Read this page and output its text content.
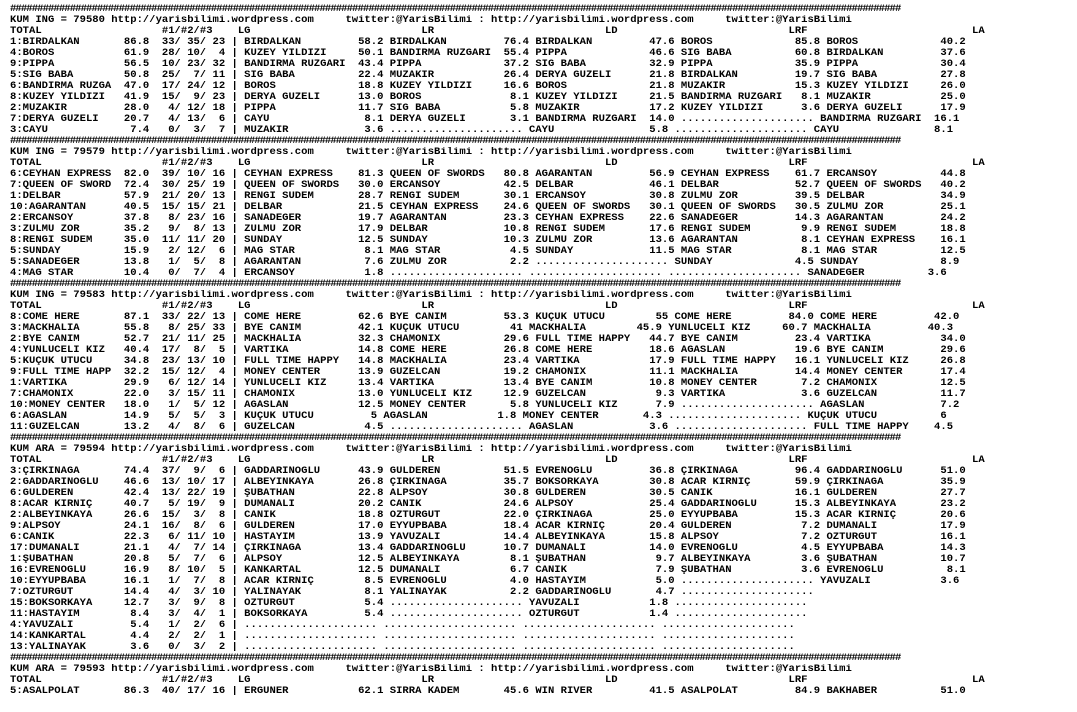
####################################################################################################################################################################
KUM ING = 79580 http://yarisbilimi.wordpress.com     twitter:@YarisBilimi : http://yarisbilimi.wordpress.com     twitter:@YarisBilimi
TOTAL                   #1/#2/#3    LG                           LR                           LD                           LRF                          LA
1:BIRDALKAN       86.8  33/ 35/ 23 | BIRDALKAN         58.2 BIRDALKAN         76.4 BIRDALKAN         47.6 BOROS             85.8 BOROS             40.2
4:BOROS           61.9  28/ 10/  4 | KUZEY YILDIZI     50.1 BANDIRMA RÜZGARI  55.4 PIPPA             46.6 SIĞ BABA          60.8 BIRDALKAN         37.6
9:PIPPA           56.5  10/ 23/ 32 | BANDIRMA RÜZGARI  43.4 PIPPA             37.2 SIĞ BABA          32.9 PIPPA             35.9 PIPPA             30.4
5:SIĞ BABA        50.8  25/  7/ 11 | SIĞ BABA          22.4 MÜZAKIR           26.4 DERYA GÜZELİ      21.8 BIRDALKAN         19.7 SIĞ BABA          27.8
6:BANDIRMA RÜZGA  47.0  17/ 24/ 12 | BOROS             18.8 KUZEY YILDIZI     16.6 BOROS             21.8 MÜZAKIR           15.3 KUZEY YILDIZI     26.0
8:KUZEY YILDIZI   41.9  15/  9/ 23 | DERYA GÜZELİ      13.0 BOROS              8.1 KUZEY YILDIZI     21.5 BANDIRMA RÜZGARI   8.1 MÜZAKIR           25.0
2:MÜZAKIR         28.0   4/ 12/ 18 | PIPPA             11.7 SIĞ BABA           5.8 MÜZAKIR           17.2 KUZEY YILDIZI      3.6 DERYA GÜZELİ      17.9
7:DERYA GÜZELİ    20.7   4/ 13/  6 | CAYU               8.1 DERYA GÜZELİ       3.1 BANDIRMA RÜZGARI  14.0 ..................... BANDIRMA RÜZGARI  16.1
3:CAYU             7.4   0/  3/  7 | MÜZAKIR            3.6 ..................... CAYU               5.8 ..................... CAYU               8.1
####################################################################################################################################################################
KUM ING = 79579 http://yarisbilimi.wordpress.com     twitter:@YarisBilimi : http://yarisbilimi.wordpress.com     twitter:@YarisBilimi
TOTAL                   #1/#2/#3    LG                           LR                           LD                           LRF                          LA
6:CEYHAN EXPRESS  82.0  39/ 10/ 16 | CEYHAN EXPRESS    81.3 QUEEN OF SWORDS   80.8 AĞARANTAN         56.9 CEYHAN EXPRESS    61.7 ERCANSOY          44.8
7:QUEEN OF SWORD  72.4  30/ 25/ 19 | QUEEN OF SWORDS   30.0 ERCANSOY          42.5 DELBAR            46.1 DELBAR            52.7 QUEEN OF SWORDS   40.2
1:DELBAR          57.9  21/ 20/ 13 | RENGİ SUDEM       28.7 RENGİ SUDEM       30.1 ERCANSOY          30.8 ZÜLMÜ ZOR         39.5 DELBAR            34.9
10:AĞARANTAN      40.5  15/ 15/ 21 | DELBAR            21.5 CEYHAN EXPRESS    24.6 QUEEN OF SWORDS   30.1 QUEEN OF SWORDS   30.5 ZÜLMÜ ZOR         25.1
2:ERCANSOY        37.8   8/ 23/ 16 | SANADEĞER         19.7 AĞARANTAN         23.3 CEYHAN EXPRESS    22.6 SANADEĞER         14.3 AĞARANTAN         24.2
3:ZÜLMÜ ZOR       35.2   9/  8/ 13 | ZÜLMÜ ZOR         17.9 DELBAR            10.8 RENGİ SUDEM       17.6 RENGİ SUDEM        9.9 RENGİ SUDEM       18.8
8:RENGİ SUDEM     35.0  11/ 11/ 20 | SUNDAY            12.5 SUNDAY            10.3 ZÜLMÜ ZOR         13.6 AĞARANTAN          8.1 CEYHAN EXPRESS    16.1
5:SUNDAY          15.9   2/ 12/  6 | MAG STAR           8.1 MAG STAR           4.5 SUNDAY            11.5 MAG STAR           8.1 MAG STAR          12.5
5:SANADEĞER       13.8   1/  5/  8 | AĞARANTAN          7.6 ZÜLMÜ ZOR          2.2 ..................... SUNDAY             4.5 SUNDAY             8.9
4:MAG STAR        10.4   0/  7/  4 | ERCANSOY           1.8 ..................... ..................... ..................... SANADEĞER          3.6
####################################################################################################################################################################
KUM ING = 79583 http://yarisbilimi.wordpress.com     twitter:@YarisBilimi : http://yarisbilimi.wordpress.com     twitter:@YarisBilimi
TOTAL                   #1/#2/#3    LG                           LR                           LD                           LRF                          LA
8:COME HERE       87.1  33/ 22/ 13 | COME HERE         62.6 BYE CANIM         53.3 KÜÇÜK ÜTÜCÜ        55 COME HERE         84.0 COME HERE         42.0
3:MACKHALIA       55.8   8/ 25/ 33 | BYE CANIM         42.1 KÜÇÜK ÜTÜCÜ        41 MACKHALIA        45.9 YÜNLÜCELİ KIZ     60.7 MACKHALIA         40.3
2:BYE CANIM       52.7  21/ 11/ 25 | MACKHALIA         32.3 CHAMONIX          29.6 FULL TIME HAPPY   44.7 BYE CANIM         23.4 VARTİKA           34.0
4:YÜNLÜCELİ KIZ   40.4  17/  8/  5 | VARTİKA           14.8 COME HERE         26.8 COME HERE         18.6 AĞASLAN           19.6 BYE CANIM         29.6
5:KÜÇÜK ÜTÜCÜ     34.8  23/ 13/ 10 | FULL TIME HAPPY   14.8 MACKHALIA         23.4 VARTİKA           17.9 FULL TIME HAPPY   16.1 YÜNLÜCELİ KIZ     26.8
9:FULL TIME HAPP  32.2  15/ 12/  4 | MONEY CENTER      13.9 GÜZELCAN          19.2 CHAMONIX          11.1 MACKHALIA         14.4 MONEY CENTER      17.4
1:VARTİKA         29.9   6/ 12/ 14 | YÜNLÜCELİ KIZ     13.4 VARTİKA           13.4 BYE CANIM         10.8 MONEY CENTER       7.2 CHAMONIX          12.5
7:CHAMONIX        22.0   3/ 15/ 11 | CHAMONIX          13.0 YÜNLÜCELİ KIZ     12.9 GÜZELCAN           9.3 VARTİKA            3.6 GÜZELCAN          11.7
10:MONEY CENTER   18.0   1/  5/ 12 | AĞASLAN           12.5 MONEY CENTER       5.8 YÜNLÜCELİ KIZ      7.9 ..................... AĞASLAN            7.2
6:AĞASLAN         14.9   5/  5/  3 | KÜÇÜK ÜTÜCÜ         5 AĞASLAN           1.8 MONEY CENTER       4.3 ..................... KÜÇÜK ÜTÜCÜ          6
11:GÜZELCAN       13.2   4/  8/  6 | GÜZELCAN           4.5 ..................... AĞASLAN            3.6 ..................... FULL TIME HAPPY    4.5
####################################################################################################################################################################
KUM ARA = 79594 http://yarisbilimi.wordpress.com     twitter:@YarisBilimi : http://yarisbilimi.wordpress.com     twitter:@YarisBilimi
TOTAL                   #1/#2/#3    LG                           LR                           LD                           LRF                          LA
3:ÇIRKİNAĞA       74.4  37/  9/  6 | GADDARINOĞLU      43.9 GÜLDEREN          51.5 EVRENOĞLU         36.8 ÇIRKİNAĞA         96.4 GADDARINOĞLU      51.0
2:GADDARINOĞLU    46.6  13/ 10/ 17 | ALBEYİNKAYA       26.8 ÇIRKİNAĞA         35.7 BOKSÖRKAYA        30.8 ACAR KIRNIÇ       59.9 ÇIRKİNAĞA         35.9
6:GÜLDEREN        42.4  13/ 22/ 19 | ŞUBATHAN          22.8 ALPSOY            30.8 GÜLDEREN          30.5 CANİK             16.1 GÜLDEREN          27.7
8:ACAR KIRNIÇ     40.7   5/ 19/  9 | DUMANALİ          20.2 CANİK             24.6 ALPSOY            25.4 GADDARINOĞLU      15.3 ALBEYİNKAYA       23.2
2:ALBEYİNKAYA     26.6  15/  3/  8 | CANİK             18.8 ÖZTURGUT          22.0 ÇIRKİNAĞA         25.0 EYYUPBABA         15.3 ACAR KIRNIÇ       20.6
9:ALPSOY          24.1  16/  8/  6 | GÜLDEREN          17.0 EYYUPBABA         18.4 ACAR KIRNIÇ       20.4 GÜLDEREN           7.2 DUMANALİ          17.9
6:CANİK           22.3   6/ 11/ 10 | HASTAYIM          13.9 YAVUZALİ          14.4 ALBEYİNKAYA       15.8 ALPSOY             7.2 ÖZTURGUT          16.1
17:DUMANALİ       21.1   4/  7/ 14 | ÇIRKİNAĞA         13.4 GADDARINOĞLU      10.7 DUMANALİ          14.0 EVRENOĞLU          4.5 EYYUPBABA         14.3
1:ŞUBATHAN        20.8   5/  7/  6 | ALPSOY            12.5 ALBEYİNKAYA        8.1 ŞUBATHAN           9.7 ALBEYİNKAYA        3.6 ŞUBATHAN          10.7
16:EVRENOĞLU      16.9   8/ 10/  5 | KANKARTAL         12.5 DUMANALİ           6.7 CANİK              7.9 ŞUBATHAN           3.6 EVRENOĞLU          8.1
10:EYYUPBABA      16.1   1/  7/  8 | ACAR KIRNIÇ        8.5 EVRENOĞLU          4.0 HASTAYIM           5.0 ..................... YAVUZALİ           3.6
7:ÖZTURGUT        14.4   4/  3/ 10 | YALINAYAK          8.1 YALINAYAK          2.2 GADDARINOĞLU       4.7 .....................
15:BOKSÖRKAYA     12.7   3/  9/  8 | ÖZTURGUT           5.4 ..................... YAVUZALİ           1.8 .....................
11:HASTAYIM        8.4   3/  4/  1 | BOKSÖRKAYA         5.4 ..................... ÖZTURGUT           1.4 .....................
4:YAVUZALİ         5.4   1/  2/  6 | ..................... ..................... ..................... .....................
14:KANKARTAL       4.4   2/  2/  1 | ..................... ..................... ..................... .....................
13:YALINAYAK       3.6   0/  3/  2 | ..................... ..................... ..................... .....................
####################################################################################################################################################################
KUM ARA = 79593 http://yarisbilimi.wordpress.com     twitter:@YarisBilimi : http://yarisbilimi.wordpress.com     twitter:@YarisBilimi
TOTAL                   #1/#2/#3    LG                           LR                           LD                           LRF                          LA
5:ASALPOLAT       86.3  40/ 17/ 16 | ERGUNER           62.1 SIRRA KADEM       45.6 WIN RIVER         41.5 ASALPOLAT         84.9 BAKHABER          51.0
